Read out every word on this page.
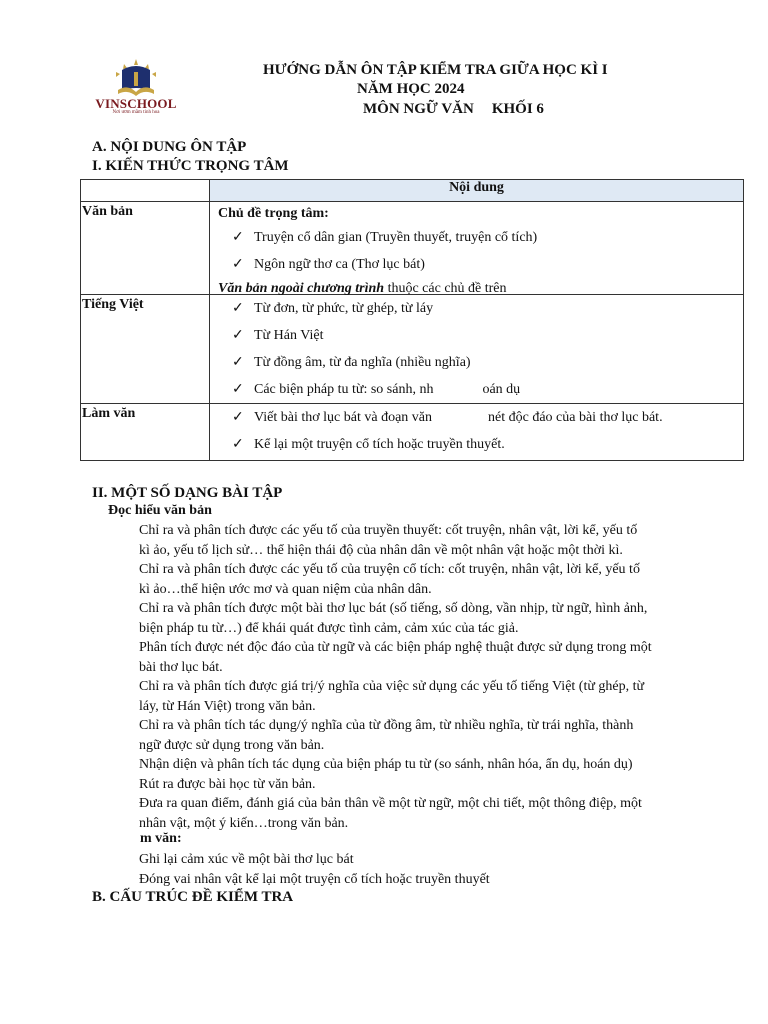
VINSCHOOL
Nơi ươm mầm tinh hoa
HƯỚNG DẪN ÔN TẬP KIỂM TRA GIỮA HỌC KÌ I
NĂM HỌC 2024
MÔN NGỮ VĂN KHỐI 6
A. NỘI DUNG ÔN TẬP
I. KIẾN THỨC TRỌNG TÂM
	Nội dung
Văn bản	Chủ đề trọng tâm:
✓ Truyện cổ dân gian (Truyền thuyết, truyện cổ tích)
✓ Ngôn ngữ thơ ca (Thơ lục bát)
Văn bản ngoài chương trình thuộc các chủ đề trên

Tiếng Việt	✓ Từ đơn, từ phức, từ ghép, từ láy
✓ Từ Hán Việt
✓ Từ đồng âm, từ đa nghĩa (nhiều nghĩa)
✓ Các biện pháp tu từ: so sánh, nh              oán dụ

Làm văn	✓ Viết bài thơ lục bát và đoạn văn                nét độc đáo của bài thơ lục bát.
✓ Kể lại một truyện cổ tích hoặc truyền thuyết.
II. MỘT SỐ DẠNG BÀI TẬP
Đọc hiểu văn bản
Chỉ ra và phân tích được các yếu tố của truyền thuyết: cốt truyện, nhân vật, lời kể, yếu tố
kì ảo, yếu tố lịch sử… thể hiện thái độ của nhân dân về một nhân vật hoặc một thời kì.
Chỉ ra và phân tích được các yếu tố của truyện cổ tích: cốt truyện, nhân vật, lời kể, yếu tố
kì ảo…thể hiện ước mơ và quan niệm của nhân dân.
Chỉ ra và phân tích được một bài thơ lục bát (số tiếng, số dòng, vần nhịp, từ ngữ, hình ảnh,
biện pháp tu từ…) để khái quát được tình cảm, cảm xúc của tác giả.
Phân tích được nét độc đáo của từ ngữ và các biện pháp nghệ thuật được sử dụng trong một
bài thơ lục bát.
Chỉ ra và phân tích được giá trị/ý nghĩa của việc sử dụng các yếu tố tiếng Việt (từ ghép, từ
láy, từ Hán Việt) trong văn bản.
Chỉ ra và phân tích tác dụng/ý nghĩa của từ đồng âm, từ nhiều nghĩa, từ trái nghĩa, thành
ngữ được sử dụng trong văn bản.
Nhận diện và phân tích tác dụng của biện pháp tu từ (so sánh, nhân hóa, ẩn dụ, hoán dụ)
Rút ra được bài học từ văn bản.
Đưa ra quan điểm, đánh giá của bản thân về một từ ngữ, một chi tiết, một thông điệp, một
nhân vật, một ý kiến…trong văn bản.
m văn:
Ghi lại cảm xúc về một bài thơ lục bát
Đóng vai nhân vật kể lại một truyện cổ tích hoặc truyền thuyết
B. CẤU TRÚC ĐỀ KIỂM TRA
